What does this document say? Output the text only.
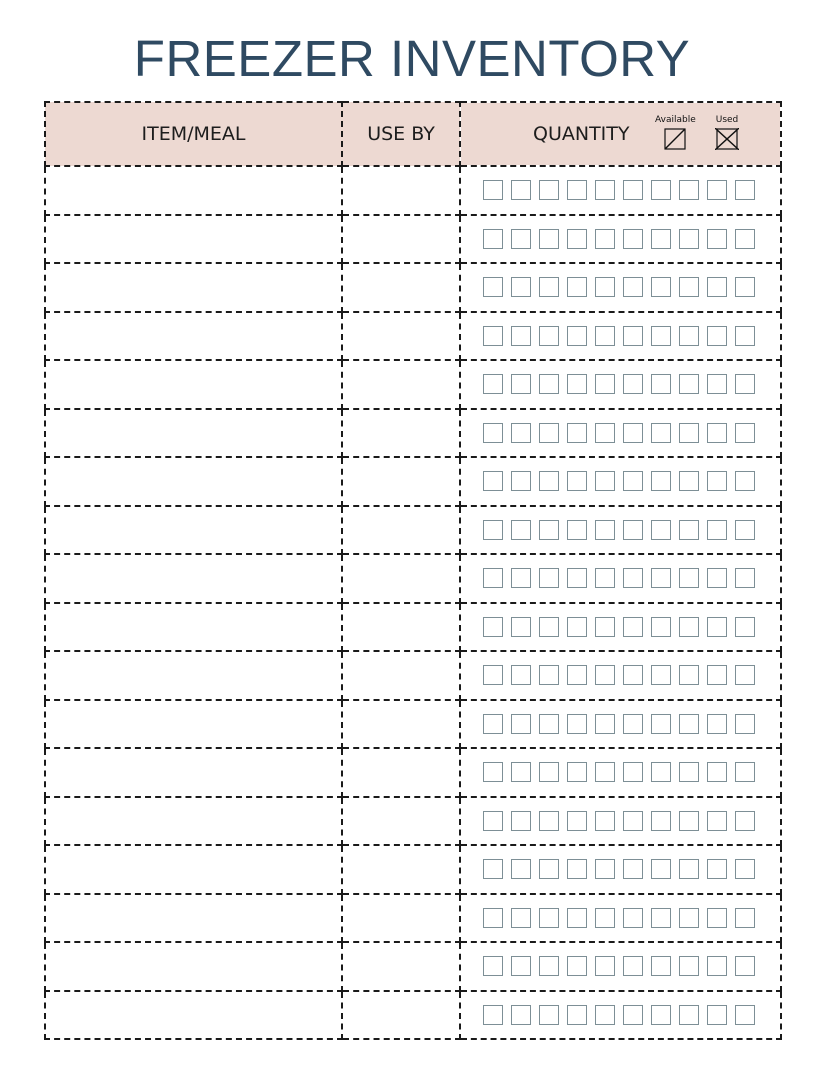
FREEZER INVENTORY
ITEM/MEAL	USE BY	QUANTITY
Available Used
